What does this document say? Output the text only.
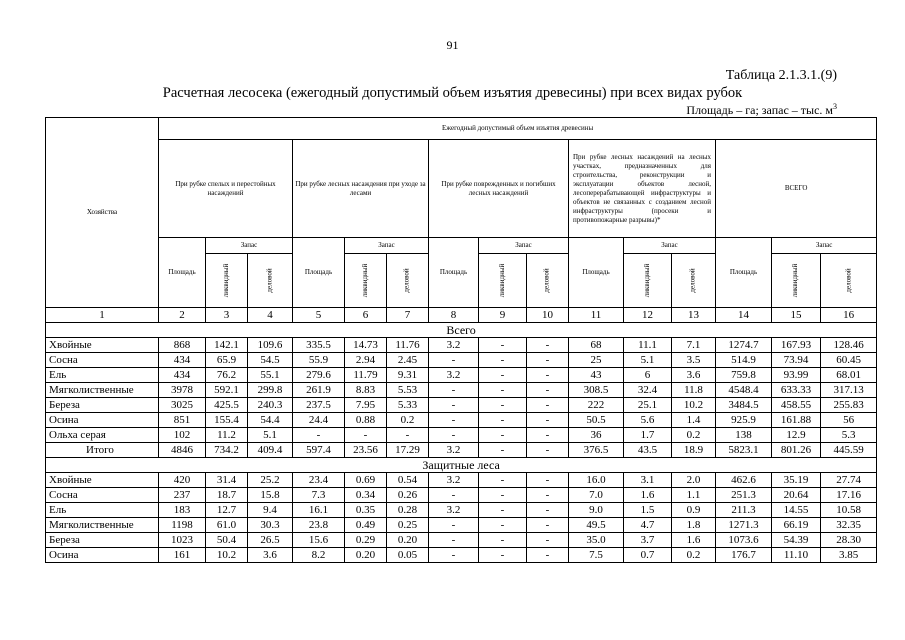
91
Таблица 2.1.3.1.(9)
Расчетная лесосека (ежегодный допустимый объем изъятия древесины) при всех видах рубок
Площадь – га; запас – тыс. $м^3$
Хозяйства	Ежегодный допустимый объем изъятия древесины														
	При рубке спелых и перестойных насаждений			При рубке лесных насаждения при уходе за лесами			При рубке поврежденных и погибших лесных насаждений			При рубке лесных насаждений на лесных участках, предназначенных для строительства, реконструкции и эксплуатации объектов лесной, лесоперерабатывающей инфраструктуры и объектов не связанных с созданием лесной инфраструктуры (просеки и противопожарные разрывы)*			ВСЕГО		
	Площадь	Запас		Площадь	Запас		Площадь	Запас		Площадь	Запас		Площадь	Запас	
		ликвидный	деловой		ликвидный	деловой		ликвидный	деловой		ликвидный	деловой		ликвидный	деловой

1	2	3	4	5	6	7	8	9	10	11	12	13	14	15	16
Всего															
Хвойные	868	142.1	109.6	335.5	14.73	11.76	3.2	-	-	68	11.1	7.1	1274.7	167.93	128.46
Сосна	434	65.9	54.5	55.9	2.94	2.45	-	-	-	25	5.1	3.5	514.9	73.94	60.45
Ель	434	76.2	55.1	279.6	11.79	9.31	3.2	-	-	43	6	3.6	759.8	93.99	68.01
Мягколиственные	3978	592.1	299.8	261.9	8.83	5.53	-	-	-	308.5	32.4	11.8	4548.4	633.33	317.13
Береза	3025	425.5	240.3	237.5	7.95	5.33	-	-	-	222	25.1	10.2	3484.5	458.55	255.83
Осина	851	155.4	54.4	24.4	0.88	0.2	-	-	-	50.5	5.6	1.4	925.9	161.88	56
Ольха серая	102	11.2	5.1	-	-	-	-	-	-	36	1.7	0.2	138	12.9	5.3
Итого	4846	734.2	409.4	597.4	23.56	17.29	3.2	-	-	376.5	43.5	18.9	5823.1	801.26	445.59
Защитные леса															
Хвойные	420	31.4	25.2	23.4	0.69	0.54	3.2	-	-	16.0	3.1	2.0	462.6	35.19	27.74
Сосна	237	18.7	15.8	7.3	0.34	0.26	-	-	-	7.0	1.6	1.1	251.3	20.64	17.16
Ель	183	12.7	9.4	16.1	0.35	0.28	3.2	-	-	9.0	1.5	0.9	211.3	14.55	10.58
Мягколиственные	1198	61.0	30.3	23.8	0.49	0.25	-	-	-	49.5	4.7	1.8	1271.3	66.19	32.35
Береза	1023	50.4	26.5	15.6	0.29	0.20	-	-	-	35.0	3.7	1.6	1073.6	54.39	28.30
Осина	161	10.2	3.6	8.2	0.20	0.05	-	-	-	7.5	0.7	0.2	176.7	11.10	3.85
